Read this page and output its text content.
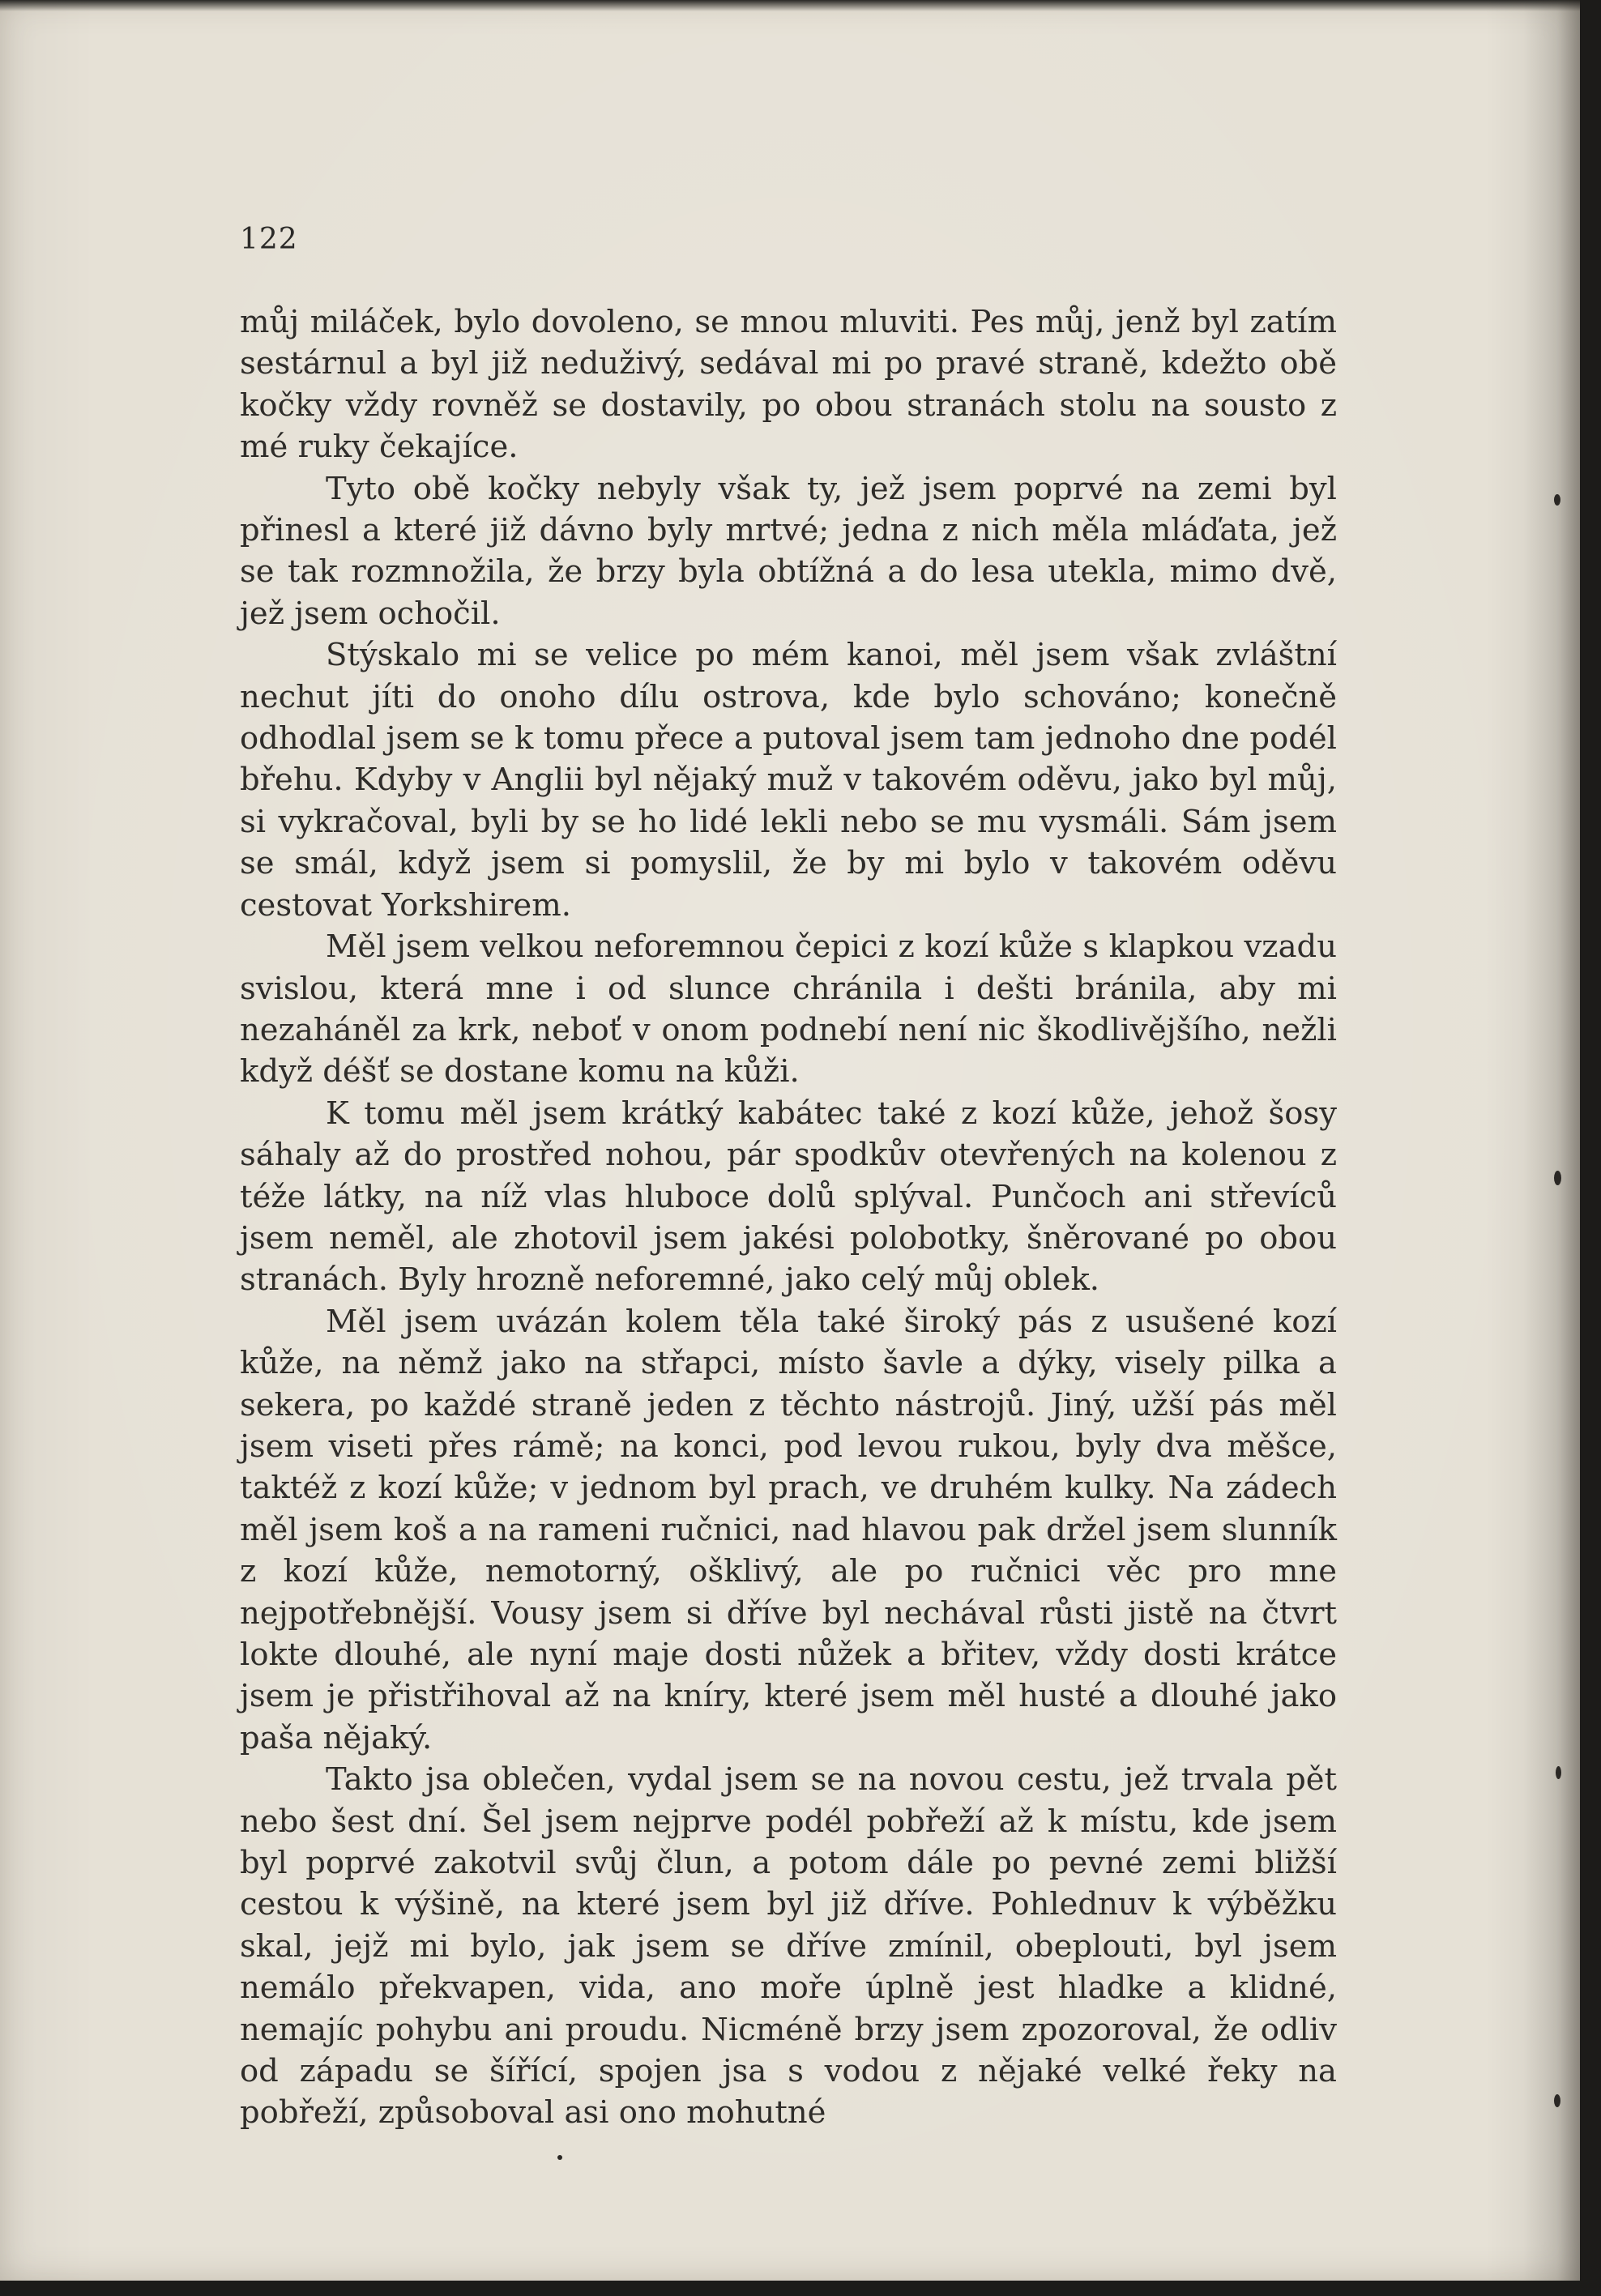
122

můj miláček, bylo dovoleno, se mnou mluviti. Pes můj, jenž byl zatím sestárnul a byl již neduživý, sedával mi po pravé straně, kdežto obě kočky vždy rovněž se dostavily, po obou stranách stolu na sousto z mé ruky čekajíce.

Tyto obě kočky nebyly však ty, jež jsem poprvé na zemi byl přinesl a které již dávno byly mrtvé; jedna z nich měla mláďata, jež se tak rozmnožila, že brzy byla obtížná a do lesa utekla, mimo dvě, jež jsem ochočil.

Stýskalo mi se velice po mém kanoi, měl jsem však zvláštní nechut jíti do onoho dílu ostrova, kde bylo schováno; konečně odhodlal jsem se k tomu přece a putoval jsem tam jednoho dne podél břehu. Kdyby v Anglii byl nějaký muž v takovém oděvu, jako byl můj, si vykračoval, byli by se ho lidé lekli nebo se mu vysmáli. Sám jsem se smál, když jsem si pomyslil, že by mi bylo v takovém oděvu cestovat Yorkshirem.

Měl jsem velkou neforemnou čepici z kozí kůže s klapkou vzadu svislou, která mne i od slunce chránila i dešti bránila, aby mi nezaháněl za krk, neboť v onom podnebí není nic škodlivějšího, nežli když déšť se dostane komu na kůži.

K tomu měl jsem krátký kabátec také z kozí kůže, jehož šosy sáhaly až do prostřed nohou, pár spodkův otevřených na kolenou z téže látky, na níž vlas hluboce dolů splýval. Punčoch ani střevíců jsem neměl, ale zhotovil jsem jakési polobotky, šněrované po obou stranách. Byly hrozně neforemné, jako celý můj oblek.

Měl jsem uvázán kolem těla také široký pás z usušené kozí kůže, na němž jako na střapci, místo šavle a dýky, visely pilka a sekera, po každé straně jeden z těchto nástrojů. Jiný, užší pás měl jsem viseti přes rámě; na konci, pod levou rukou, byly dva měšce, taktéž z kozí kůže; v jednom byl prach, ve druhém kulky. Na zádech měl jsem koš a na rameni ručnici, nad hlavou pak držel jsem slunník z kozí kůže, nemotorný, ošklivý, ale po ručnici věc pro mne nejpotřebnější. Vousy jsem si dříve byl nechával růsti jistě na čtvrt lokte dlouhé, ale nyní maje dosti nůžek a břitev, vždy dosti krátce jsem je přistřihoval až na kníry, které jsem měl husté a dlouhé jako paša nějaký.

Takto jsa oblečen, vydal jsem se na novou cestu, jež trvala pět nebo šest dní. Šel jsem nejprve podél pobřeží až k místu, kde jsem byl poprvé zakotvil svůj člun, a potom dále po pevné zemi bližší cestou k výšině, na které jsem byl již dříve. Pohlednuv k výběžku skal, jejž mi bylo, jak jsem se dříve zmínil, obeplouti, byl jsem nemálo překvapen, vida, ano moře úplně jest hladke a klidné, nemajíc pohybu ani proudu. Nicméně brzy jsem zpozoroval, že odliv od západu se šířící, spojen jsa s vodou z nějaké velké řeky na pobřeží, způsoboval asi ono mohutné
